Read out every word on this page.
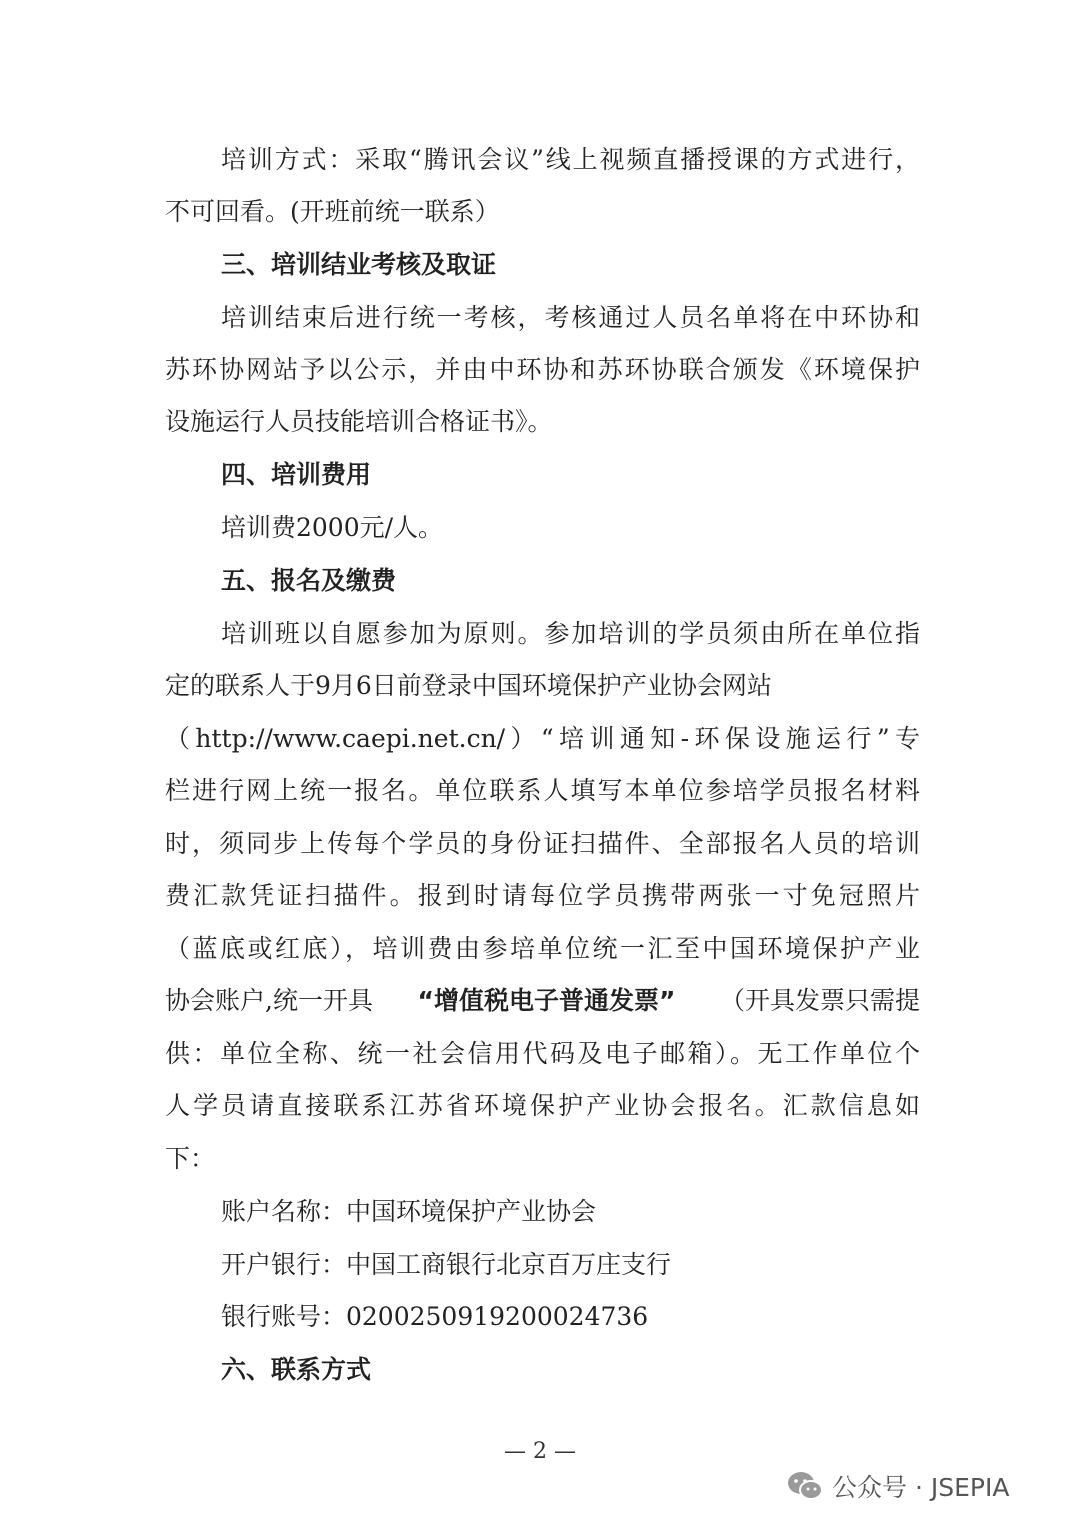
培训方式：采取“腾讯会议”线上视频直播授课的方式进行，
不可回看。(开班前统一联系）
三、培训结业考核及取证
培训结束后进行统一考核，考核通过人员名单将在中环协和
苏环协网站予以公示，并由中环协和苏环协联合颁发《环境保护
设施运行人员技能培训合格证书》。
四、培训费用
培训费2000元/人。
五、报名及缴费
培训班以自愿参加为原则。参加培训的学员须由所在单位指
定的联系人于9月6日前登录中国环境保护产业协会网站
（http://www.caepi.net.cn/）“培训通知-环保设施运行”专
栏进行网上统一报名。单位联系人填写本单位参培学员报名材料
时，须同步上传每个学员的身份证扫描件、全部报名人员的培训
费汇款凭证扫描件。报到时请每位学员携带两张一寸免冠照片
（蓝底或红底），培训费由参培单位统一汇至中国环境保护产业
协会账户,统一开具 “增值税电子普通发票” （开具发票只需提
供：单位全称、统一社会信用代码及电子邮箱）。无工作单位个
人学员请直接联系江苏省环境保护产业协会报名。汇款信息如
下：
账户名称：中国环境保护产业协会
开户银行：中国工商银行北京百万庄支行
银行账号：0200250919200024736
六、联系方式
— 2 —
公众号 · JSEPIA
